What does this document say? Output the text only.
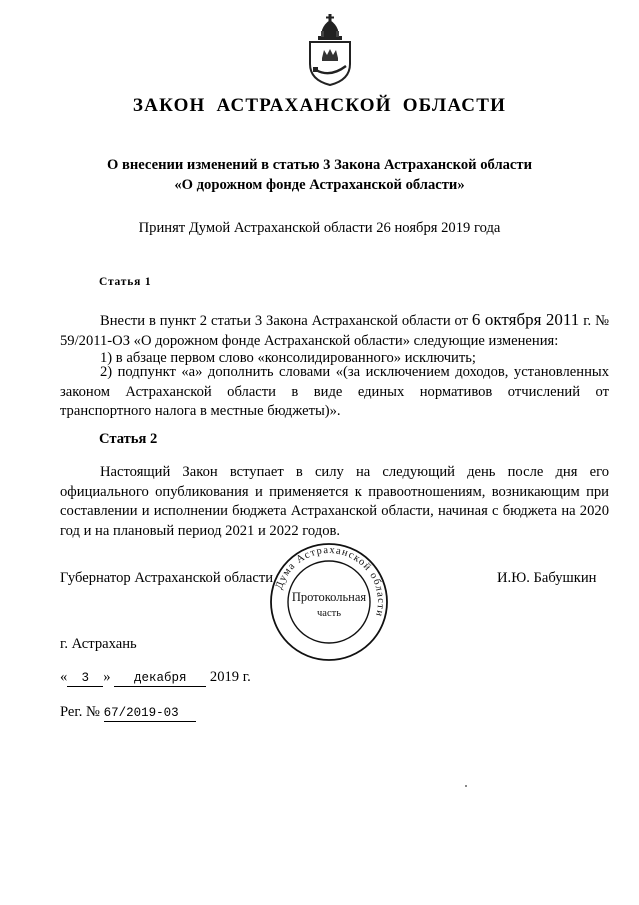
ЗАКОН АСТРАХАНСКОЙ ОБЛАСТИ
О внесении изменений в статью 3 Закона Астраханской области
«О дорожном фонде Астраханской области»
Принят Думой Астраханской области 26 ноября 2019 года
Статья 1
Внести в пункт 2 статьи 3 Закона Астраханской области от 6 октября 2011 г. № 59/2011-ОЗ «О дорожном фонде Астраханской области» следующие изменения:
1) в абзаце первом слово «консолидированного» исключить;
2) подпункт «а» дополнить словами «(за исключением доходов, установленных законом Астраханской области в виде единых нормативов отчислений от транспортного налога в местные бюджеты)».
Статья 2
Настоящий Закон вступает в силу на следующий день после дня его официального опубликования и применяется к правоотношениям, возникающим при составлении и исполнении бюджета Астраханской области, начиная с бюджета на 2020 год и на плановый период 2021 и 2022 годов.
Губернатор Астраханской области	И.Ю. Бабушкин
Дума Астраханской области
Протокольная
часть
г. Астрахань
« 3 » декабря 2019 г.
Рег. № 67/2019-03
